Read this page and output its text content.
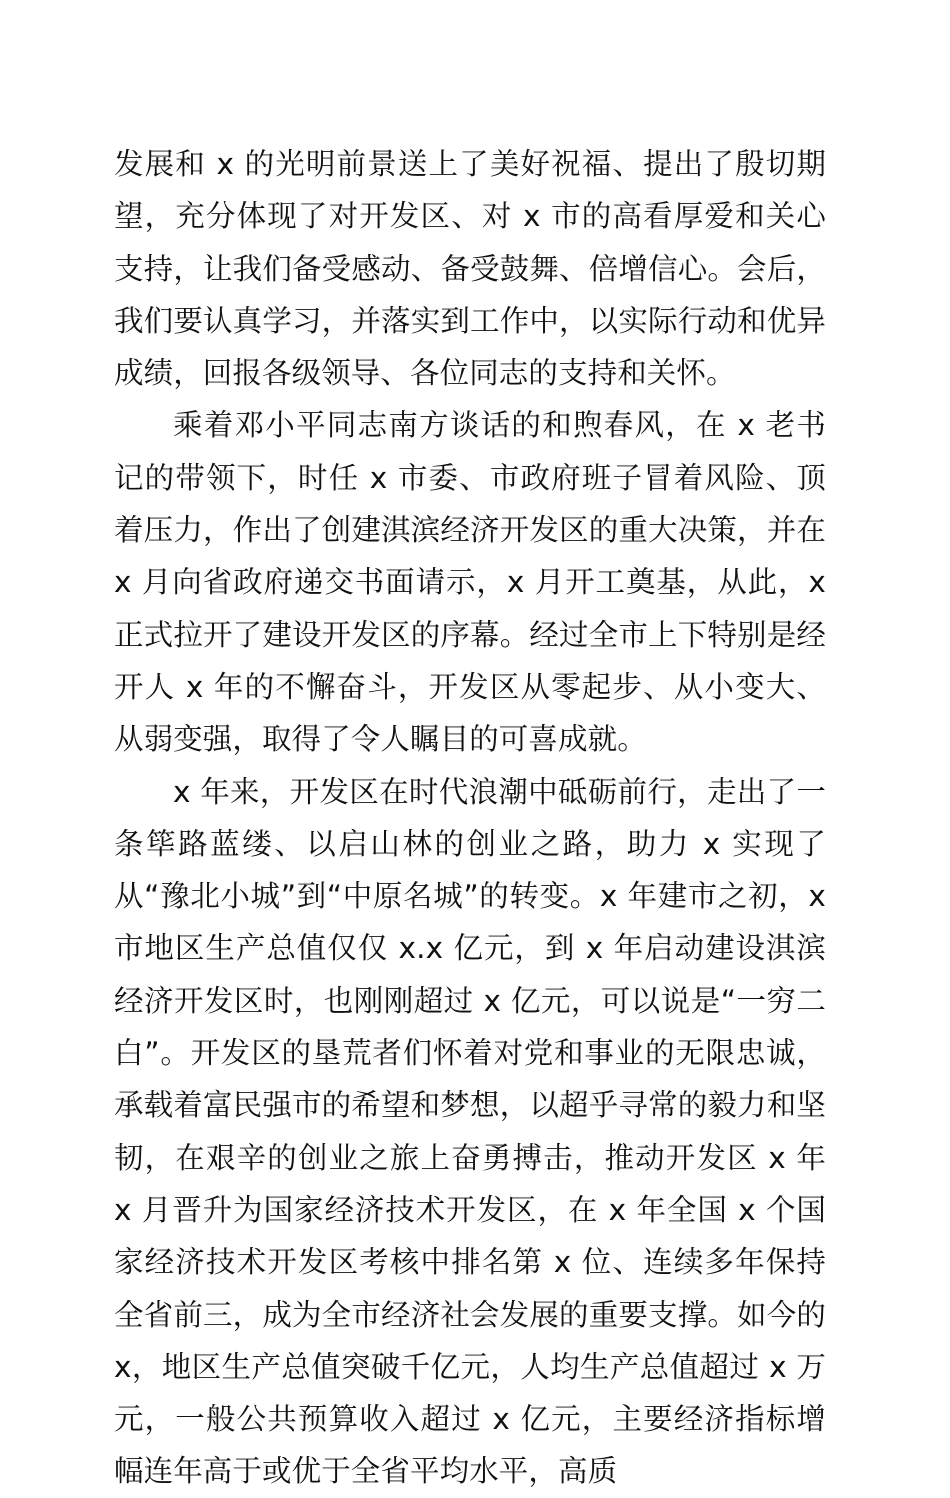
发展和 x 的光明前景送上了美好祝福、提出了殷切期望，充分体现了对开发区、对 x 市的高看厚爱和关心支持，让我们备受感动、备受鼓舞、倍增信心。会后，我们要认真学习，并落实到工作中，以实际行动和优异成绩，回报各级领导、各位同志的支持和关怀。

乘着邓小平同志南方谈话的和煦春风，在 x 老书记的带领下，时任 x 市委、市政府班子冒着风险、顶着压力，作出了创建淇滨经济开发区的重大决策，并在 x 月向省政府递交书面请示，x 月开工奠基，从此，x 正式拉开了建设开发区的序幕。经过全市上下特别是经开人 x 年的不懈奋斗，开发区从零起步、从小变大、从弱变强，取得了令人瞩目的可喜成就。

x 年来，开发区在时代浪潮中砥砺前行，走出了一条筚路蓝缕、以启山林的创业之路，助力 x 实现了从“豫北小城”到“中原名城”的转变。x 年建市之初，x 市地区生产总值仅仅 x.x 亿元，到 x 年启动建设淇滨经济开发区时，也刚刚超过 x 亿元，可以说是“一穷二白”。开发区的垦荒者们怀着对党和事业的无限忠诚，承载着富民强市的希望和梦想，以超乎寻常的毅力和坚韧，在艰辛的创业之旅上奋勇搏击，推动开发区 x 年 x 月晋升为国家经济技术开发区，在 x 年全国 x 个国家经济技术开发区考核中排名第 x 位、连续多年保持全省前三，成为全市经济社会发展的重要支撑。如今的 x，地区生产总值突破千亿元，人均生产总值超过 x 万元，一般公共预算收入超过 x 亿元，主要经济指标增幅连年高于或优于全省平均水平，高质
